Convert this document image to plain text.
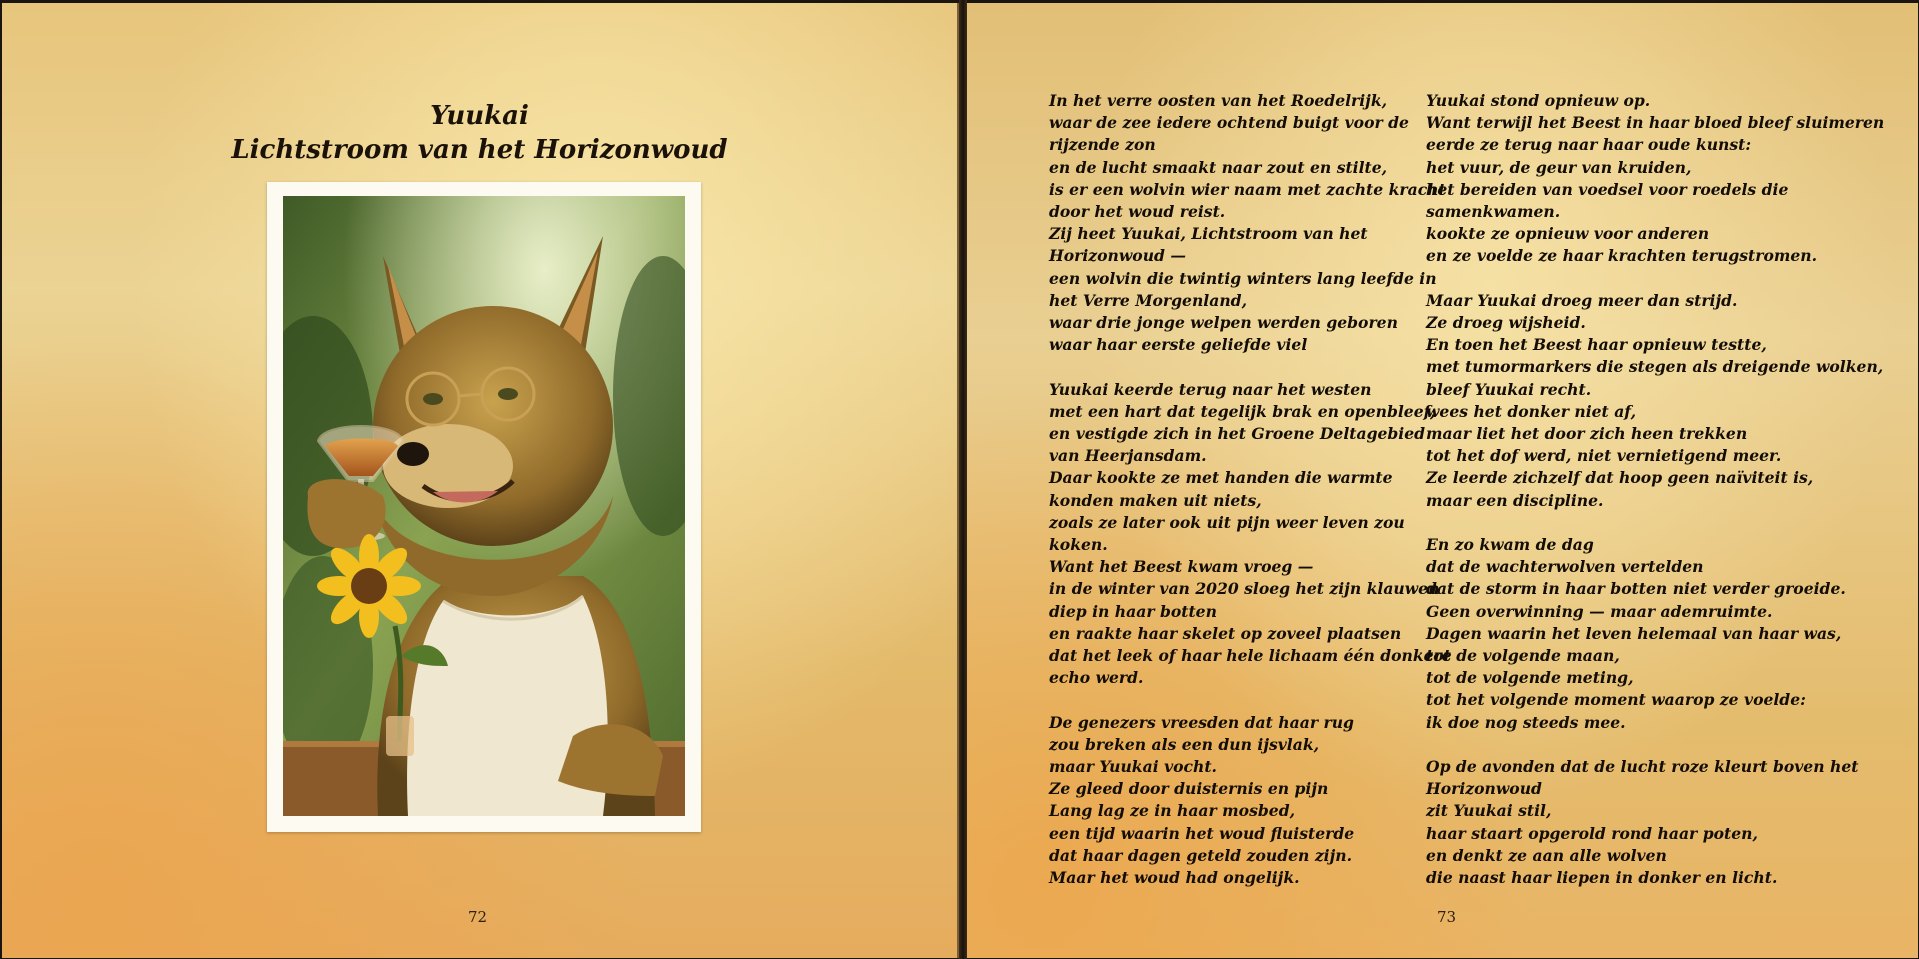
Yuukai
Lichtstroom van het Horizonwoud
72
In het verre oosten van het Roedelrijk,
waar de zee iedere ochtend buigt voor de
rijzende zon
en de lucht smaakt naar zout en stilte,
is er een wolvin wier naam met zachte kracht
door het woud reist.
Zij heet Yuukai, Lichtstroom van het
Horizonwoud —
een wolvin die twintig winters lang leefde in
het Verre Morgenland,
waar drie jonge welpen werden geboren
waar haar eerste geliefde viel
Yuukai keerde terug naar het westen
met een hart dat tegelijk brak en openbleef,
en vestigde zich in het Groene Deltagebied
van Heerjansdam.
Daar kookte ze met handen die warmte
konden maken uit niets,
zoals ze later ook uit pijn weer leven zou
koken.
Want het Beest kwam vroeg —
in de winter van 2020 sloeg het zijn klauwen
diep in haar botten
en raakte haar skelet op zoveel plaatsen
dat het leek of haar hele lichaam één donkere
echo werd.
De genezers vreesden dat haar rug
zou breken als een dun ijsvlak,
maar Yuukai vocht.
Ze gleed door duisternis en pijn
Lang lag ze in haar mosbed,
een tijd waarin het woud fluisterde
dat haar dagen geteld zouden zijn.
Maar het woud had ongelijk.
Yuukai stond opnieuw op.
Want terwijl het Beest in haar bloed bleef sluimeren
eerde ze terug naar haar oude kunst:
het vuur, de geur van kruiden,
het bereiden van voedsel voor roedels die
samenkwamen.
kookte ze opnieuw voor anderen
en ze voelde ze haar krachten terugstromen.
Maar Yuukai droeg meer dan strijd.
Ze droeg wijsheid.
En toen het Beest haar opnieuw testte,
met tumormarkers die stegen als dreigende wolken,
bleef Yuukai recht.
wees het donker niet af,
maar liet het door zich heen trekken
tot het dof werd, niet vernietigend meer.
Ze leerde zichzelf dat hoop geen naïviteit is,
maar een discipline.
En zo kwam de dag
dat de wachterwolven vertelden
dat de storm in haar botten niet verder groeide.
Geen overwinning — maar ademruimte.
Dagen waarin het leven helemaal van haar was,
tot de volgende maan,
tot de volgende meting,
tot het volgende moment waarop ze voelde:
ik doe nog steeds mee.
Op de avonden dat de lucht roze kleurt boven het
Horizonwoud
zit Yuukai stil,
haar staart opgerold rond haar poten,
en denkt ze aan alle wolven
die naast haar liepen in donker en licht.
73
